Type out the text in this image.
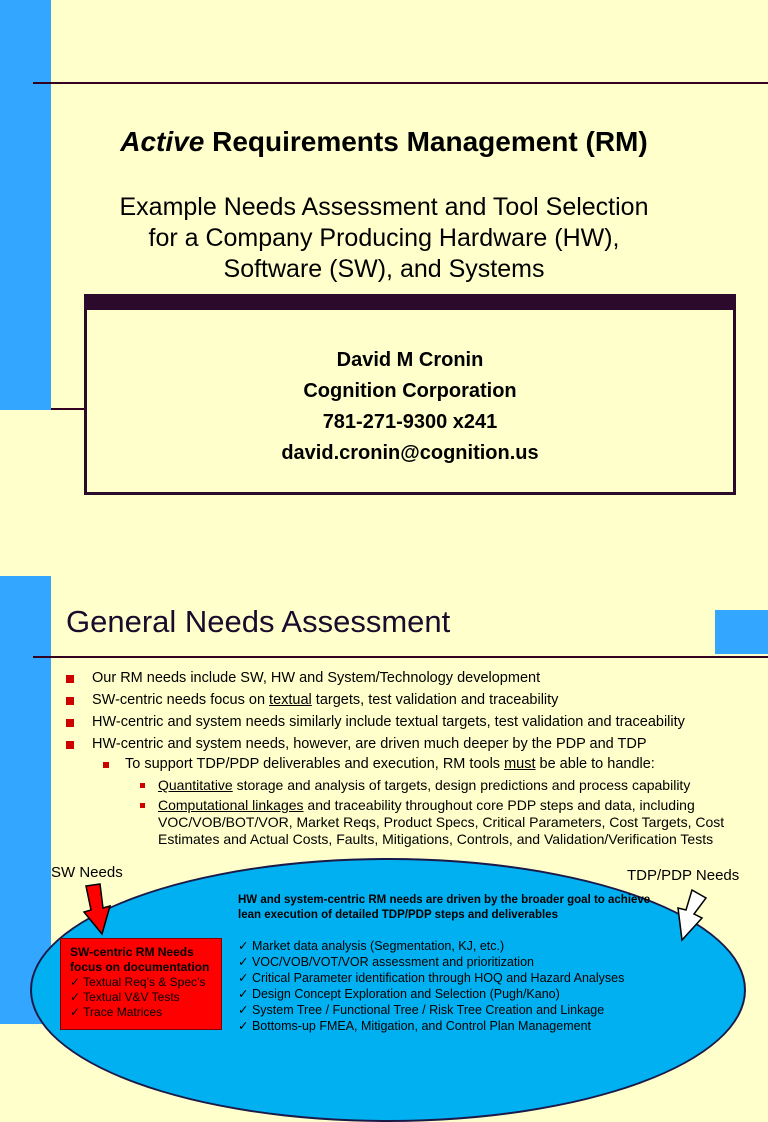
Active Requirements Management (RM)
Example Needs Assessment and Tool Selection
for a Company Producing Hardware (HW),
Software (SW), and Systems
David M Cronin
Cognition Corporation
781-271-9300 x241
david.cronin@cognition.us
General Needs Assessment
Our RM needs include SW, HW and System/Technology development
SW-centric needs focus on textual targets, test validation and traceability
HW-centric and system needs similarly include textual targets, test validation and traceability
HW-centric and system needs, however, are driven much deeper by the PDP and TDP
To support TDP/PDP deliverables and execution, RM tools must be able to handle:
Quantitative storage and analysis of targets, design predictions and process capability
Computational linkages and traceability throughout core PDP steps and data, including VOC/VOB/BOT/VOR, Market Reqs, Product Specs, Critical Parameters, Cost Targets, Cost Estimates and Actual Costs, Faults, Mitigations, Controls, and Validation/Verification Tests
SW Needs	TDP/PDP Needs
HW and system-centric RM needs are driven by the broader goal to achieve lean execution of detailed TDP/PDP steps and deliverables
✓ Market data analysis (Segmentation, KJ, etc.)
✓ VOC/VOB/VOT/VOR assessment and prioritization
✓ Critical Parameter identification through HOQ and Hazard Analyses
✓ Design Concept Exploration and Selection (Pugh/Kano)
✓ System Tree / Functional Tree / Risk Tree Creation and Linkage
✓ Bottoms-up FMEA, Mitigation, and Control Plan Management
SW-centric RM Needs focus on documentation
✓ Textual Req’s & Spec’s
✓ Textual V&V Tests
✓ Trace Matrices
